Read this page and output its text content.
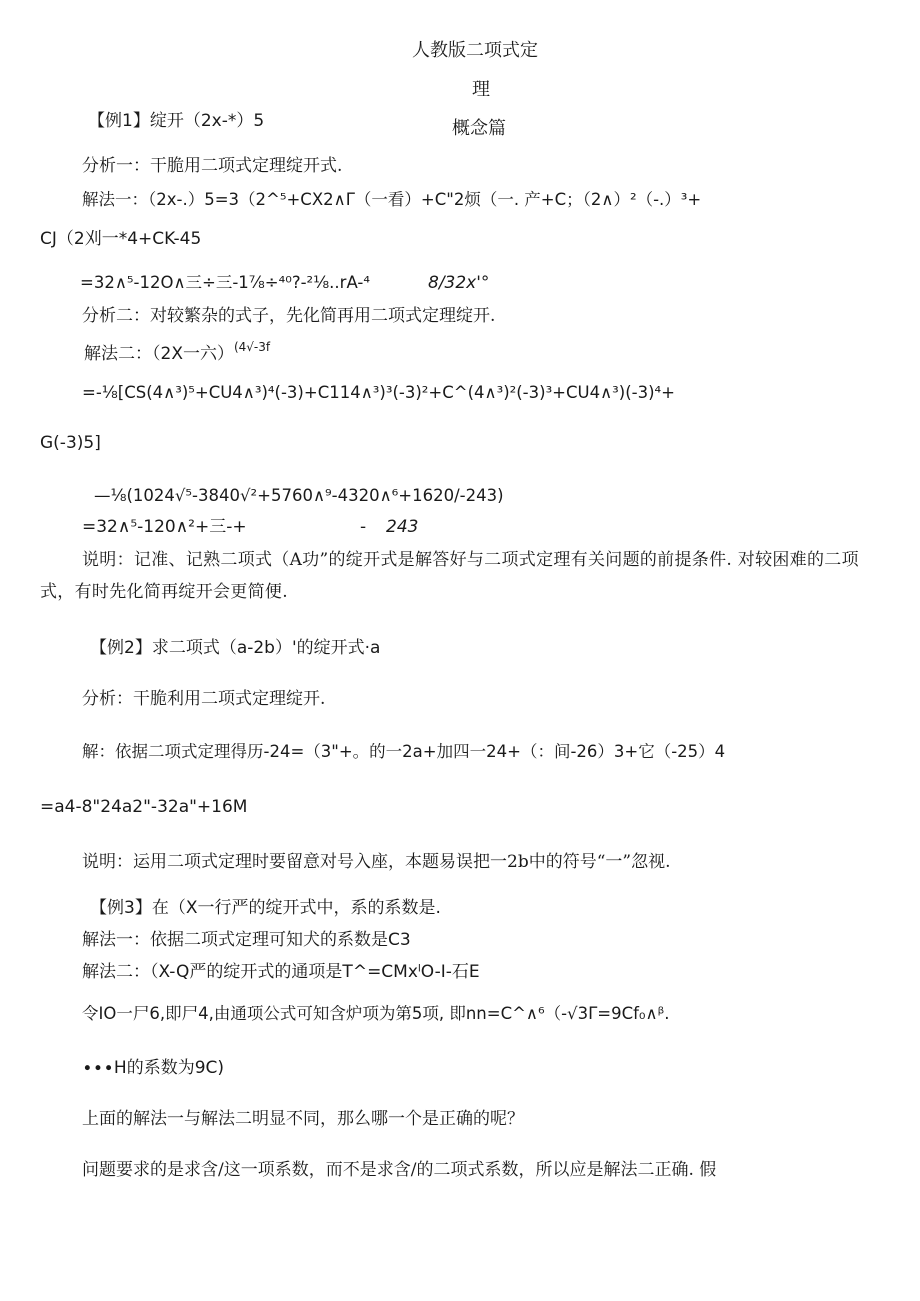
人教版二项式定
理
【例1】绽开（2x-*）5	概念篇
分析一：干脆用二项式定理绽开式.
解法一：（2x-.）5=3（2^⁵+CX2∧Γ（一看）+C"2烦（一. 产+C；（2∧）²（-.）³+
CJ（2刈一*4+CK-45
=32∧⁵-12O∧三÷三-1⅞÷⁴⁰?-²⅛..rA-⁴	8/32x'°
分析二：对较繁杂的式子，先化简再用二项式定理绽开.
解法二：（2X一六）$^{(4√-3f}$
=-⅛[CS(4∧³)⁵+CU4∧³)⁴(-3)+C114∧³)³(-3)²+C^(4∧³)²(-3)³+CU4∧³)(-3)⁴+
G(-3)5]
—⅛(1024√⁵-3840√²+5760∧⁹-4320∧⁶+1620/-243)
=32∧⁵-120∧²+三-+	- 243
说明：记准、记熟二项式（A功”的绽开式是解答好与二项式定理有关问题的前提条件. 对较困难的二项式，有时先化简再绽开会更简便.
【例2】求二项式（a-2b）'的绽开式·a
分析：干脆利用二项式定理绽开.
解：依据二项式定理得历-24=（3"+。的一2a+加四一24+（：间-26）3+它（-25）4
=a4-8"24a2"-32a"+16M
说明：运用二项式定理时要留意对号入座，本题易误把一2b中的符号“一”忽视.
【例3】在（X一行严的绽开式中，系的系数是.
解法一：依据二项式定理可知犬的系数是C3
解法二：（X-Q严的绽开式的通项是T^=CMxˡO-I-石E
令IO一尸6,即尸4,由通项公式可知含炉项为第5项, 即nn=C^∧⁶（-√3Γ=9Cf₀∧ᵝ.
∙∙∙H的系数为9C)
上面的解法一与解法二明显不同，那么哪一个是正确的呢？
问题要求的是求含/这一项系数，而不是求含/的二项式系数，所以应是解法二正确. 假
